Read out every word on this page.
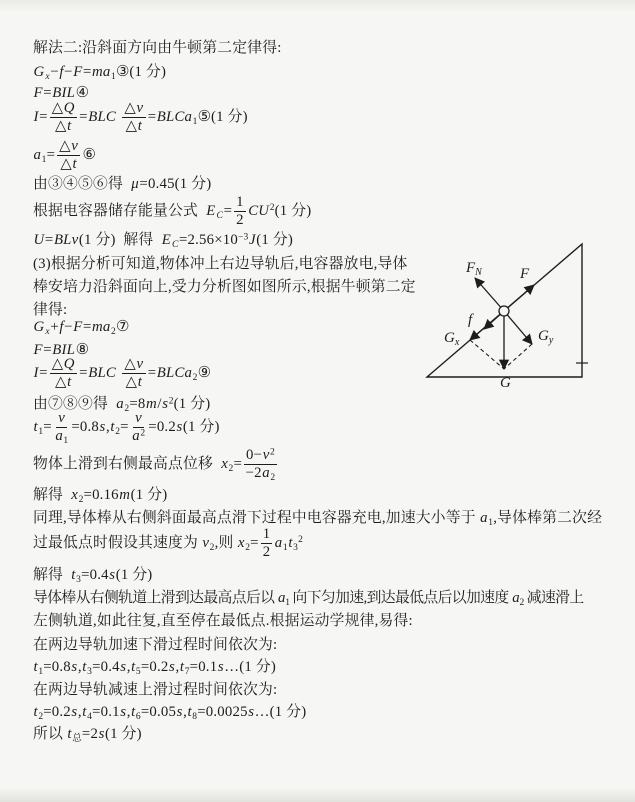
解法二:沿斜面方向由牛顿第二定律得:
$G_x-f-F=ma_1③(1$ 分)
F=BIL④
$I= \frac{\triangle Q}{\triangle t} =BLC \frac{\triangle v}{\triangle t}$ =BLCa$_1$⑤(1 分)
$a_1= \frac{\triangle v}{\triangle t}$ ⑥
由③④⑤⑥得  μ=0.45(1 分)
根据电容器储存能量公式  $E_C= \frac{1}{2} CU^2(1$ 分)
U=BLv(1 分)  解得  $E_C=2.56\times 10^{-3}J(1$ 分)
(3)根据分析可知道,物体冲上右边导轨后,电容器放电,导体
棒安培力沿斜面向上,受力分析图如图所示,根据牛顿第二定
律得:
$G_x+f-F=ma_2⑦$
F=BIL⑧
$I= \frac{\triangle Q}{\triangle t} =BLC \frac{\triangle v}{\triangle t}$ =BLCa$_2$⑨
由⑦⑧⑨得  $a_2=8m/s^2(1$ 分)
$t_1= \frac{v}{a_1} =0.8s,t_2= \frac{v}{a^2} =0.2s(1$ 分)
物体上滑到右侧最高点位移  $x_2= \frac{0-v^2}{-2a_2}$
解得  $x_2=0.16m(1$ 分)
同理,导体棒从右侧斜面最高点滑下过程中电容器充电,加速大小等于 $a_1$,导体棒第二次经
过最低点时假设其速度为 $v_2$,则 $x_2= \frac{1}{2} a_1t_3^2$
解得  $t_3=0.4s(1$ 分)
导体棒从右侧轨道上滑到达最高点后以 $a_1$ 向下匀加速,到达最低点后以加速度 $a_2$ 减速滑上
左侧轨道,如此往复,直至停在最低点.根据运动学规律,易得:
在两边导轨加速下滑过程时间依次为:
$t_1=0.8s,t_3=0.4s,t_5=0.2s,t_7=0.1s\dots(1$ 分)
在两边导轨减速上滑过程时间依次为:
$t_2=0.2s,t_4=0.1s,t_6=0.05s,t_8=0.0025s\dots(1$ 分)
所以 $t_总=2s(1$ 分)
$F_N$	F
f
$G_x$	$G_y$
G
